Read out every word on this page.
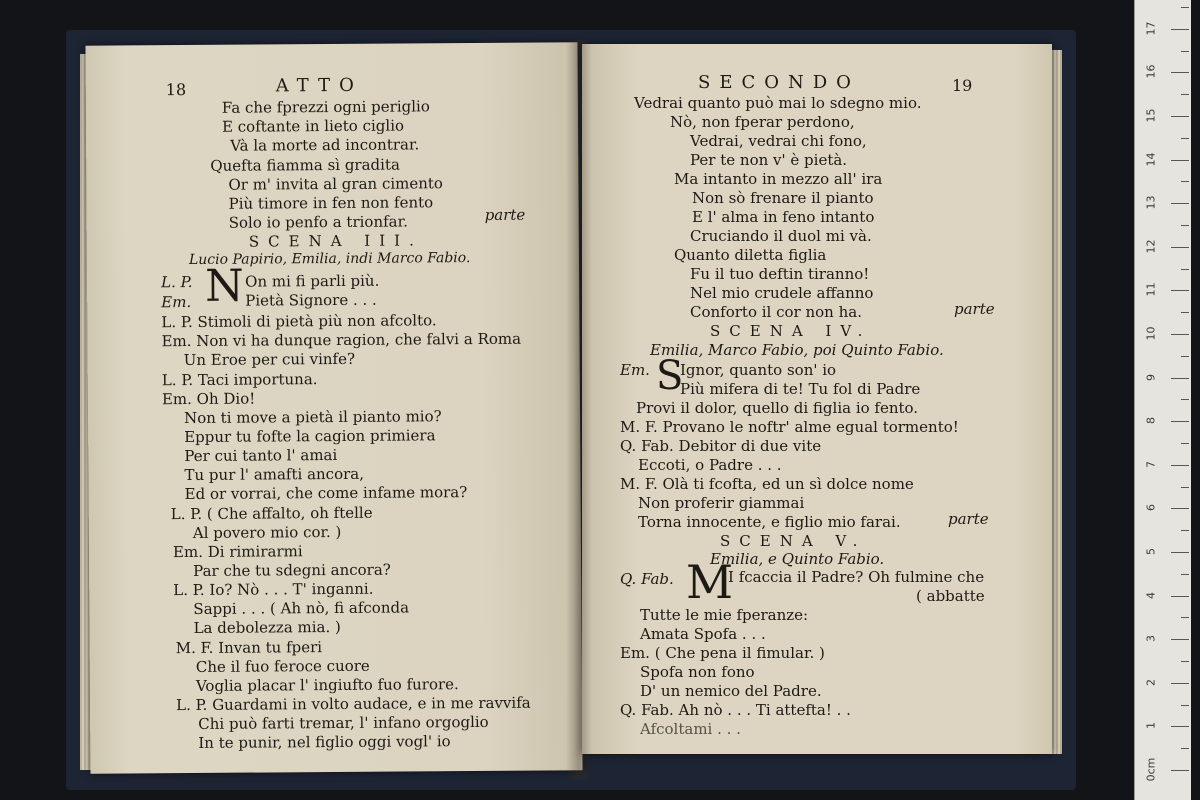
18	ATTO
Fa che fprezzi ogni periglio
E coftante in lieto ciglio
Và la morte ad incontrar.
Quefta fiamma sì gradita
Or m' invita al gran cimento
Più timore in fen non fento
Solo io penfo a trionfar.	parte
SCENA III.
Lucio Papirio, Emilia, indi Marco Fabio.
L. P. N On mi fi parli più.
Em.	Pietà Signore . . .
L. P. Stimoli di pietà più non afcolto.
Em. Non vi ha dunque ragion, che falvi a Roma
Un Eroe per cui vinfe?
L. P. Taci importuna.
Em. Oh Dio!
Non ti move a pietà il pianto mio?
Eppur tu fofte la cagion primiera
Per cui tanto l' amai
Tu pur l' amafti ancora,
Ed or vorrai, che come infame mora?
L. P. ( Che affalto, oh ftelle
Al povero mio cor. )
Em. Di rimirarmi
Par che tu sdegni ancora?
L. P. Io? Nò . . . T' inganni.
Sappi . . . ( Ah nò, fi afconda
La debolezza mia. )
M. F. Invan tu fperi
Che il fuo feroce cuore
Voglia placar l' ingiufto fuo furore.
L. P. Guardami in volto audace, e in me ravvifa
Chi può farti tremar, l' infano orgoglio
In te punir, nel figlio oggi vogl' io
SECONDO	19
Vedrai quanto può mai lo sdegno mio.
Nò, non fperar perdono,
Vedrai, vedrai chi fono,
Per te non v' è pietà.
Ma intanto in mezzo all' ira
Non sò frenare il pianto
E l' alma in feno intanto
Cruciando il duol mi và.
Quanto diletta figlia
Fu il tuo deftin tiranno!
Nel mio crudele affanno
Conforto il cor non ha.	parte
SCENA IV.
Emilia, Marco Fabio, poi Quinto Fabio.
Em. S
Ignor, quanto son' io
Più mifera di te! Tu fol di Padre
Provi il dolor, quello di figlia io fento.
M. F. Provano le noftr' alme egual tormento!
Q. Fab. Debitor di due vite
Eccoti, o Padre . . .
M. F. Olà ti fcofta, ed un sì dolce nome
Non proferir giammai
Torna innocente, e figlio mio farai.	parte
SCENA V.
Emilia, e Quinto Fabio.
Q. Fab. M
I fcaccia il Padre? Oh fulmine che
( abbatte
Tutte le mie fperanze:
Amata Spofa . . .
Em. ( Che pena il fimular. )
Spofa non fono
D' un nemico del Padre.
Q. Fab. Ah nò . . . Ti attefta! . .
Afcoltami . . .
0cm
1
2
3
4
5
6
7
8
9
10
11
12
13
14
15
16
17
